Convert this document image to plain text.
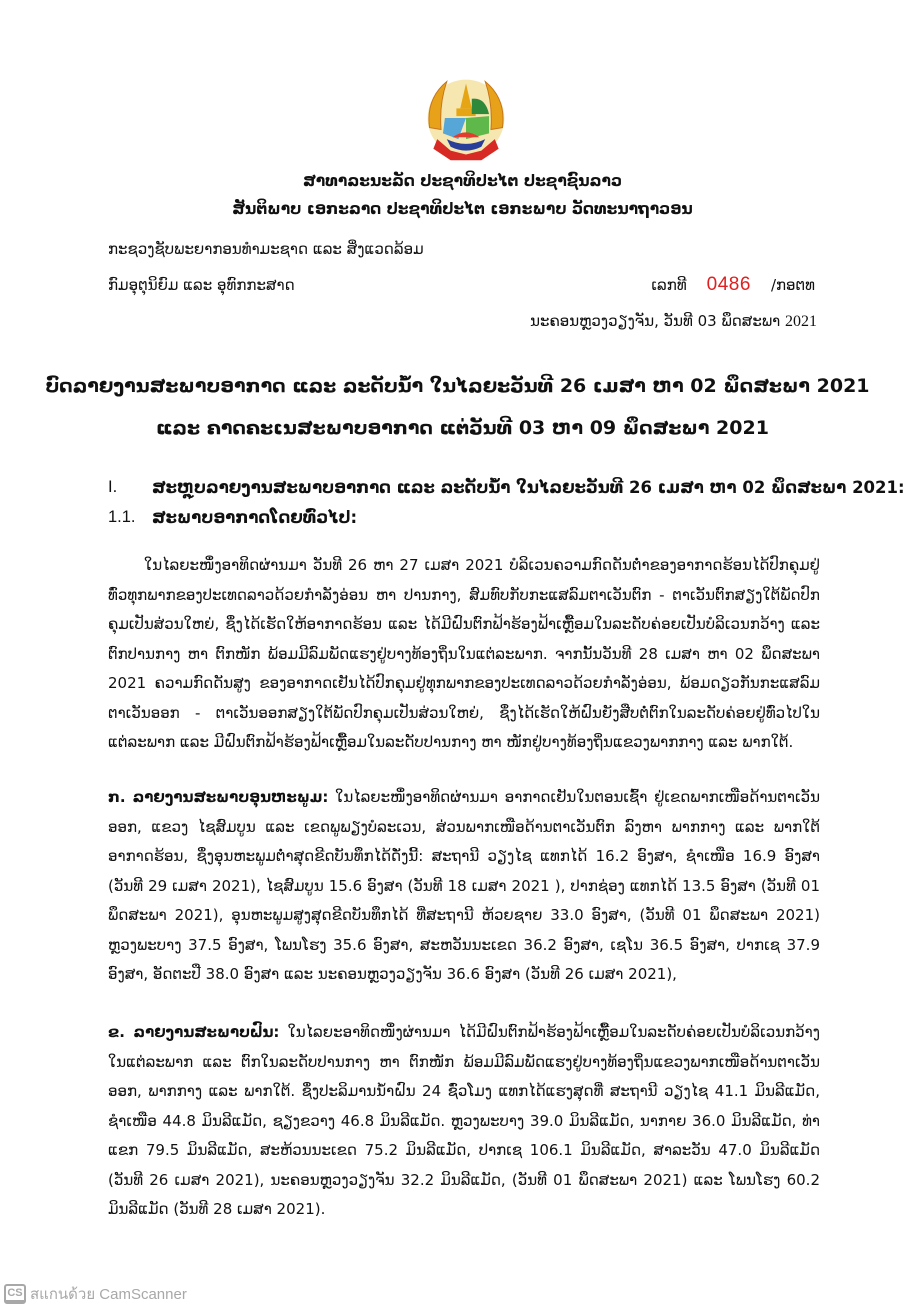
ສາທາລະນະລັດ ປະຊາທິປະໄຕ ປະຊາຊົນລາວ
ສັນຕິພາບ ເອກະລາດ ປະຊາທິປະໄຕ ເອກະພາບ ວັດທະນາຖາວອນ
ກະຊວງຊັບພະຍາກອນທຳມະຊາດ ແລະ ສິ່ງແວດລ້ອມ
ກົມອຸຕຸນິຍົມ ແລະ ອຸທົກກະສາດ	ເລກທີ 0486 /ກອຕທ
ນະຄອນຫຼວງວຽງຈັນ, ວັນທີ 03 ພຶດສະພາ 2021
ບົດລາຍງານສະພາບອາກາດ ແລະ ລະດັບນ້ຳ ໃນໄລຍະວັນທີ 26 ເມສາ ຫາ 02 ພຶດສະພາ 2021
ແລະ ຄາດຄະເນສະພາບອາກາດ ແຕ່ວັນທີ 03 ຫາ 09 ພຶດສະພາ 2021
I.	ສະຫຼຸບລາຍງານສະພາບອາກາດ ແລະ ລະດັບນ້ຳ ໃນໄລຍະວັນທີ 26 ເມສາ ຫາ 02 ພຶດສະພາ 2021:
1.1. ສະພາບອາກາດໂດຍທົ່ວໄປ:

ໃນໄລຍະໜຶ່ງອາທິດຜ່ານມາ ວັນທີ 26 ຫາ 27 ເມສາ 2021 ບໍລິເວນຄວາມກົດດັນຕ່ຳຂອງອາກາດຮ້ອນໄດ້ປົກຄຸມຢູ່ທົ່ວທຸກພາກຂອງປະເທດລາວດ້ວຍກຳລັງອ່ອນ ຫາ ປານກາງ, ສົມທົບກັບກະແສລົມຕາເວັນຕົກ - ຕາເວັນຕົກສຽງໃຕ້ພັດປົກຄຸມເປັນສ່ວນໃຫຍ່, ຊຶ່ງໄດ້ເຮັດໃຫ້ອາກາດຮ້ອນ ແລະ ໄດ້ມີຝົນຕົກຟ້າຮ້ອງຟ້າເຫຼື້ອມໃນລະດັບຄ່ອຍເປັນບໍລິເວນກວ້າງ ແລະ ຕົກປານກາງ ຫາ ຕົກໜັກ ພ້ອມມີລົມພັດແຮງຢູ່ບາງທ້ອງຖິ່ນໃນແຕ່ລະພາກ. ຈາກນັ້ນວັນທີ 28 ເມສາ ຫາ 02 ພຶດສະພາ 2021 ຄວາມກົດດັນສູງ ຂອງອາກາດເຢັນໄດ້ປົກຄຸມຢູ່ທຸກພາກຂອງປະເທດລາວດ້ວຍກຳລັງອ່ອນ, ພ້ອມດຽວກັນກະແສລົມຕາເວັນອອກ - ຕາເວັນອອກສຽງໃຕ້ພັດປົກຄຸມເປັນສ່ວນໃຫຍ່, ຊຶ່ງໄດ້ເຮັດໃຫ້ຝົນຍັງສືບຕໍ່ຕົກໃນລະດັບຄ່ອຍຢູ່ທົ່ວໄປໃນແຕ່ລະພາກ ແລະ ມີຝົນຕົກຟ້າຮ້ອງຟ້າເຫຼື້ອມໃນລະດັບປານກາງ ຫາ ໜັກຢູ່ບາງທ້ອງຖິ່ນແຂວງພາກກາງ ແລະ ພາກໃຕ້.

ກ. ລາຍງານສະພາບອຸນຫະພູມ: ໃນໄລຍະໜຶ່ງອາທິດຜ່ານມາ ອາກາດເຢັນໃນຕອນເຊົ້າ ຢູ່ເຂດພາກເໜືອດ້ານຕາເວັນອອກ, ແຂວງ ໄຊສົມບູນ ແລະ ເຂດພູພຽງບໍລະເວນ, ສ່ວນພາກເໜືອດ້ານຕາເວັນຕົກ ລົງຫາ ພາກກາງ ແລະ ພາກໃຕ້ອາກາດຮ້ອນ, ຊຶ່ງອຸນຫະພູມຕ່ຳສຸດຂີດບັນທຶກໄດ້ດັ່ງນີ້: ສະຖານີ ວຽງໄຊ ແທກໄດ້ 16.2 ອົງສາ, ຊຳເໜືອ 16.9 ອົງສາ (ວັນທີ 29 ເມສາ 2021), ໄຊສົມບູນ 15.6 ອົງສາ (ວັນທີ 18 ເມສາ 2021 ), ປາກຊ່ອງ ແທກໄດ້ 13.5 ອົງສາ (ວັນທີ 01 ພຶດສະພາ 2021), ອຸນຫະພູມສູງສຸດຂີດບັນທຶກໄດ້ ທີ່ສະຖານີ ຫ້ວຍຊາຍ 33.0 ອົງສາ, (ວັນທີ 01 ພຶດສະພາ 2021) ຫຼວງພະບາງ 37.5 ອົງສາ, ໂພນໂຮງ 35.6 ອົງສາ, ສະຫວັນນະເຂດ 36.2 ອົງສາ, ເຊໂນ 36.5 ອົງສາ, ປາກເຊ 37.9 ອົງສາ, ອັດຕະປື 38.0 ອົງສາ ແລະ ນະຄອນຫຼວງວຽງຈັນ 36.6 ອົງສາ (ວັນທີ 26 ເມສາ 2021),

ຂ. ລາຍງານສະພາບຝົນ: ໃນໄລຍະອາທິດໜຶ່ງຜ່ານມາ ໄດ້ມີຝົນຕົກຟ້າຮ້ອງຟ້າເຫຼື້ອມໃນລະດັບຄ່ອຍເປັນບໍລິເວນກວ້າງໃນແຕ່ລະພາກ ແລະ ຕົກໃນລະດັບປານກາງ ຫາ ຕົກໜັກ ພ້ອມມີລົມພັດແຮງຢູ່ບາງທ້ອງຖິ່ນແຂວງພາກເໜືອດ້ານຕາເວັນອອກ, ພາກກາງ ແລະ ພາກໃຕ້. ຊຶ່ງປະລິມານນ້ຳຝົນ 24 ຊົ່ວໂມງ ແທກໄດ້ແຮງສຸດທີ່ ສະຖານີ ວຽງໄຊ 41.1 ມິນລີແມັດ, ຊຳເໜືອ 44.8 ມິນລີແມັດ, ຊຽງຂວາງ 46.8 ມິນລີແມັດ. ຫຼວງພະບາງ 39.0 ມິນລີແມັດ, ນາກາຍ 36.0 ມິນລີແມັດ, ທ່າແຂກ 79.5 ມິນລີແມັດ, ສະຫ້ວນນະເຂດ 75.2 ມິນລີແມັດ, ປາກເຊ 106.1 ມິນລີແມັດ, ສາລະວັນ 47.0 ມິນລີແມັດ (ວັນທີ 26 ເມສາ 2021), ນະຄອນຫຼວງວຽງຈັນ 32.2 ມິນລີແມັດ, (ວັນທີ 01 ພຶດສະພາ 2021) ແລະ ໂພນໂຮງ 60.2 ມິນລີແມັດ (ວັນທີ 28 ເມສາ 2021).

CS สแกนด้วย CamScanner
